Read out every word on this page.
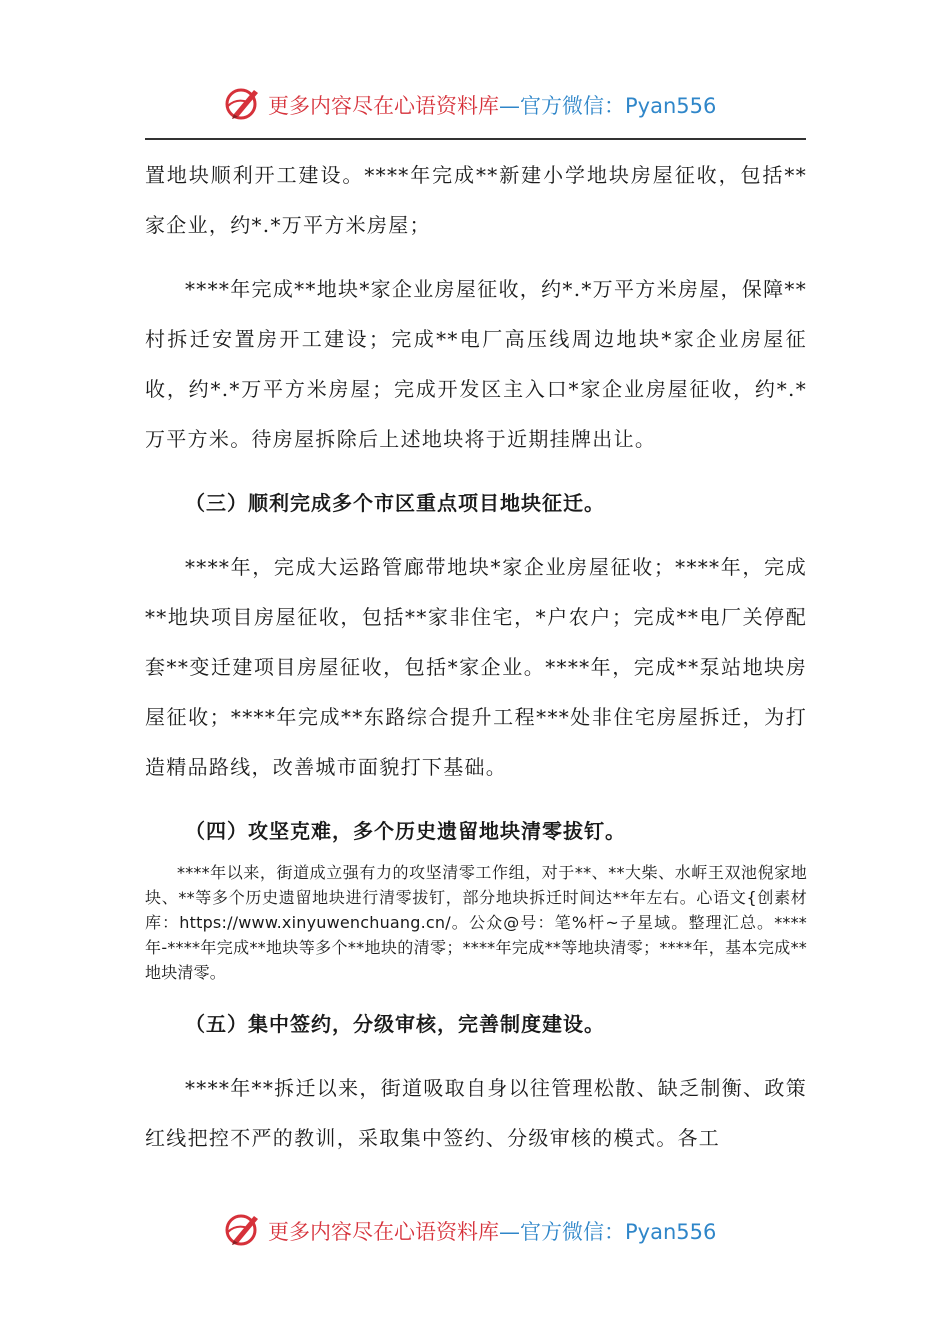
更多内容尽在心语资料库—官方微信：Pyan556

置地块顺利开工建设。****年完成**新建小学地块房屋征收，包括**家企业，约*.*万平方米房屋；

****年完成**地块*家企业房屋征收，约*.*万平方米房屋，保障**村拆迁安置房开工建设；完成**电厂高压线周边地块*家企业房屋征收，约*.*万平方米房屋；完成开发区主入口*家企业房屋征收，约*.*万平方米。待房屋拆除后上述地块将于近期挂牌出让。

（三）顺利完成多个市区重点项目地块征迁。

****年，完成大运路管廊带地块*家企业房屋征收；****年，完成**地块项目房屋征收，包括**家非住宅，*户农户；完成**电厂关停配套**变迁建项目房屋征收，包括*家企业。****年，完成**泵站地块房屋征收；****年完成**东路综合提升工程***处非住宅房屋拆迁，为打造精品路线，改善城市面貌打下基础。

（四）攻坚克难，多个历史遗留地块清零拔钉。

****年以来，街道成立强有力的攻坚清零工作组，对于**、**大柴、水㟁王双池倪家地块、**等多个历史遗留地块进行清零拔钉，部分地块拆迁时间达**年左右。心语文{创素材库：https://www.xinyuwenchuang.cn/。公众@号：笔%杆~子星域。整理汇总。****年-****年完成**地块等多个**地块的清零；****年完成**等地块清零；****年，基本完成**地块清零。

（五）集中签约，分级审核，完善制度建设。

****年**拆迁以来，街道吸取自身以往管理松散、缺乏制衡、政策红线把控不严的教训，采取集中签约、分级审核的模式。各工

更多内容尽在心语资料库—官方微信：Pyan556
